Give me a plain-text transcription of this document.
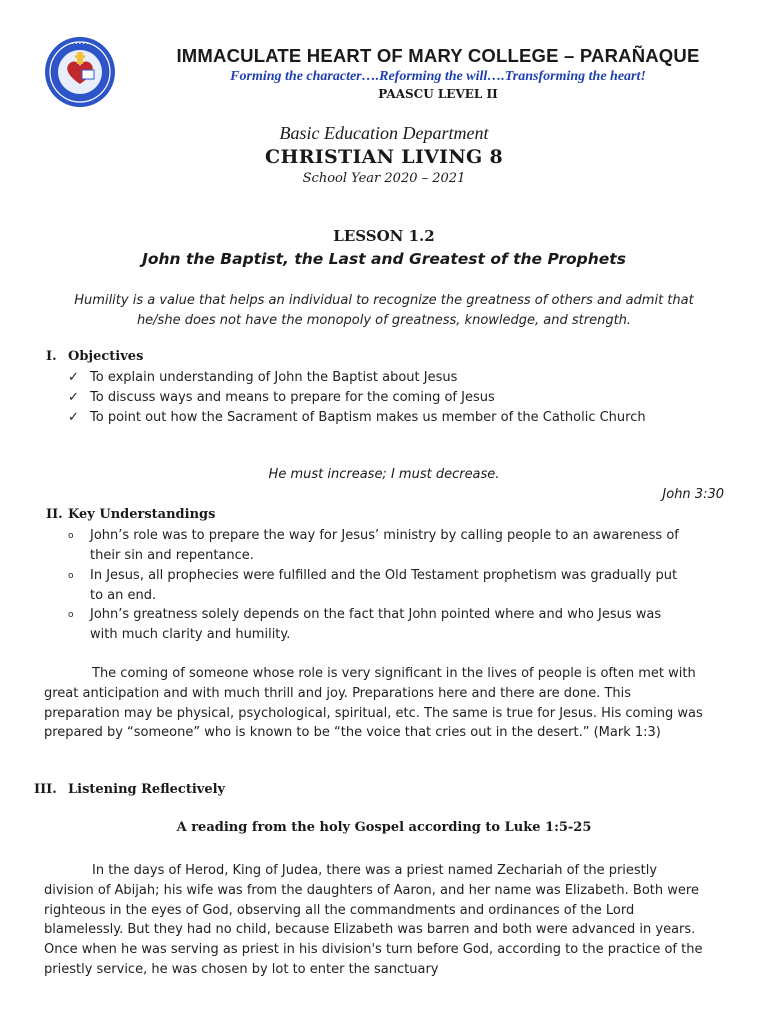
• • • • •
IMMACULATE HEART OF MARY COLLEGE – PARAÑAQUE
Forming the character….Reforming the will….Transforming the heart!
PAASCU LEVEL II
Basic Education Department
CHRISTIAN LIVING 8
School Year 2020 – 2021
LESSON 1.2
John the Baptist, the Last and Greatest of the Prophets
Humility is a value that helps an individual to recognize the greatness of others and admit that he/she does not have the monopoly of greatness, knowledge, and strength.
I. Objectives
✓ To explain understanding of John the Baptist about Jesus
✓ To discuss ways and means to prepare for the coming of Jesus
✓ To point out how the Sacrament of Baptism makes us member of the Catholic Church
He must increase; I must decrease.
John 3:30
II. Key Understandings
o John’s role was to prepare the way for Jesus’ ministry by calling people to an awareness of their sin and repentance.
o In Jesus, all prophecies were fulfilled and the Old Testament prophetism was gradually put to an end.
o John’s greatness solely depends on the fact that John pointed where and who Jesus was with much clarity and humility.
The coming of someone whose role is very significant in the lives of people is often met with great anticipation and with much thrill and joy. Preparations here and there are done. This preparation may be physical, psychological, spiritual, etc. The same is true for Jesus. His coming was prepared by “someone” who is known to be “the voice that cries out in the desert.” (Mark 1:3)
III. Listening Reflectively
A reading from the holy Gospel according to Luke 1:5-25
In the days of Herod, King of Judea, there was a priest named Zechariah of the priestly division of Abijah; his wife was from the daughters of Aaron, and her name was Elizabeth. Both were righteous in the eyes of God, observing all the commandments and ordinances of the Lord blamelessly. But they had no child, because Elizabeth was barren and both were advanced in years. Once when he was serving as priest in his division's turn before God, according to the practice of the priestly service, he was chosen by lot to enter the sanctuary
